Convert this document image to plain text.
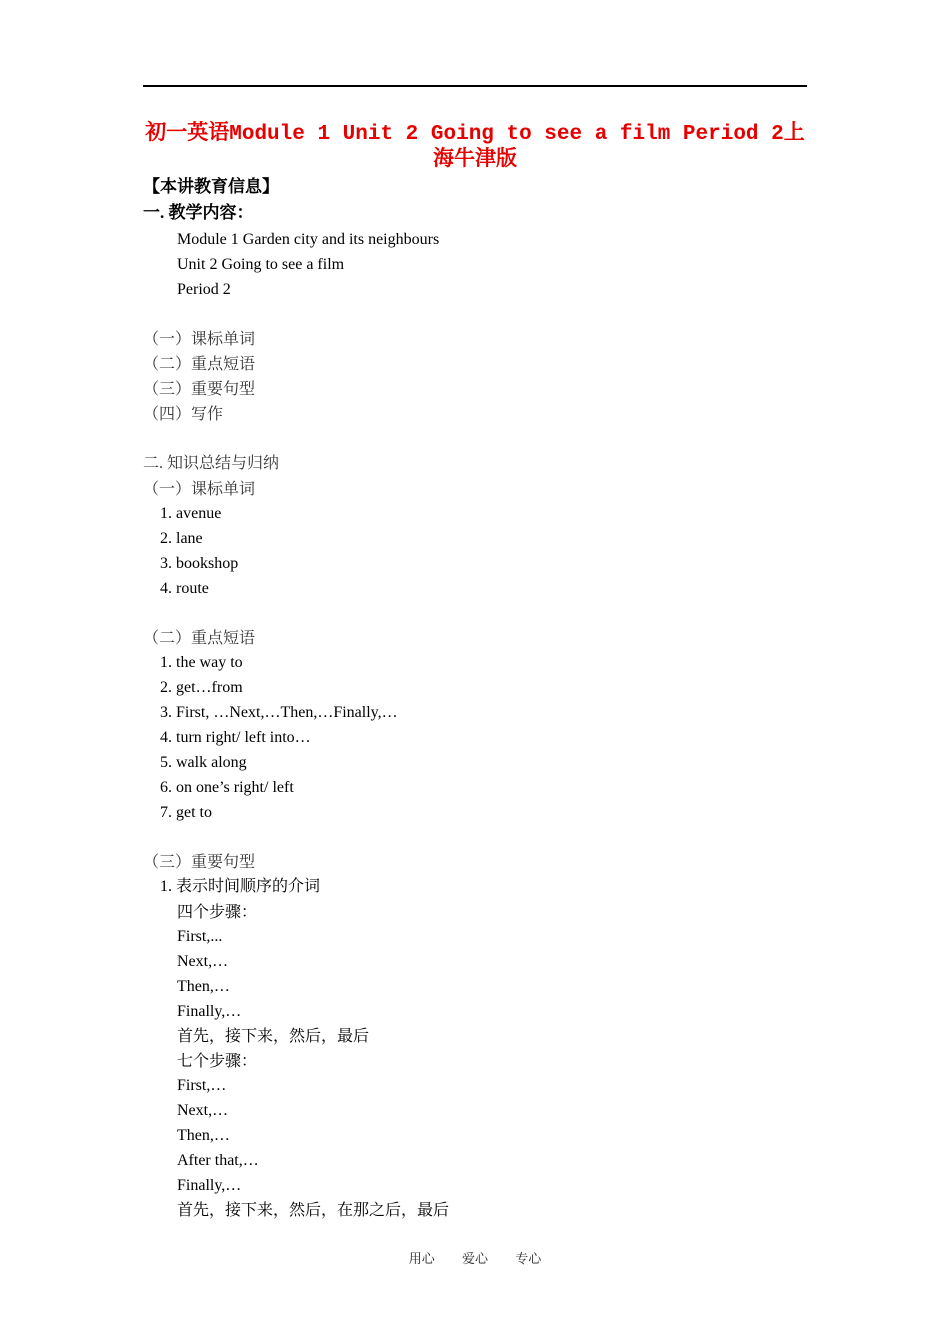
初一英语Module 1 Unit 2 Going to see a film Period 2上海牛津版
【本讲教育信息】
一. 教学内容：
Module 1 Garden city and its neighbours
Unit 2 Going to see a film
Period 2
（一）课标单词
（二）重点短语
（三）重要句型
（四）写作
二. 知识总结与归纳
（一）课标单词
1. avenue
2. lane
3. bookshop
4. route
（二）重点短语
1. the way to
2. get…from
3. First, …Next,…Then,…Finally,…
4. turn right/ left into…
5. walk along
6. on one’s right/ left
7. get to
（三）重要句型
1. 表示时间顺序的介词
四个步骤：
First,...
Next,…
Then,…
Finally,…
首先，接下来，然后，最后
七个步骤：
First,…
Next,…
Then,…
After that,…
Finally,…
首先，接下来，然后，在那之后，最后
用心 爱心 专心
